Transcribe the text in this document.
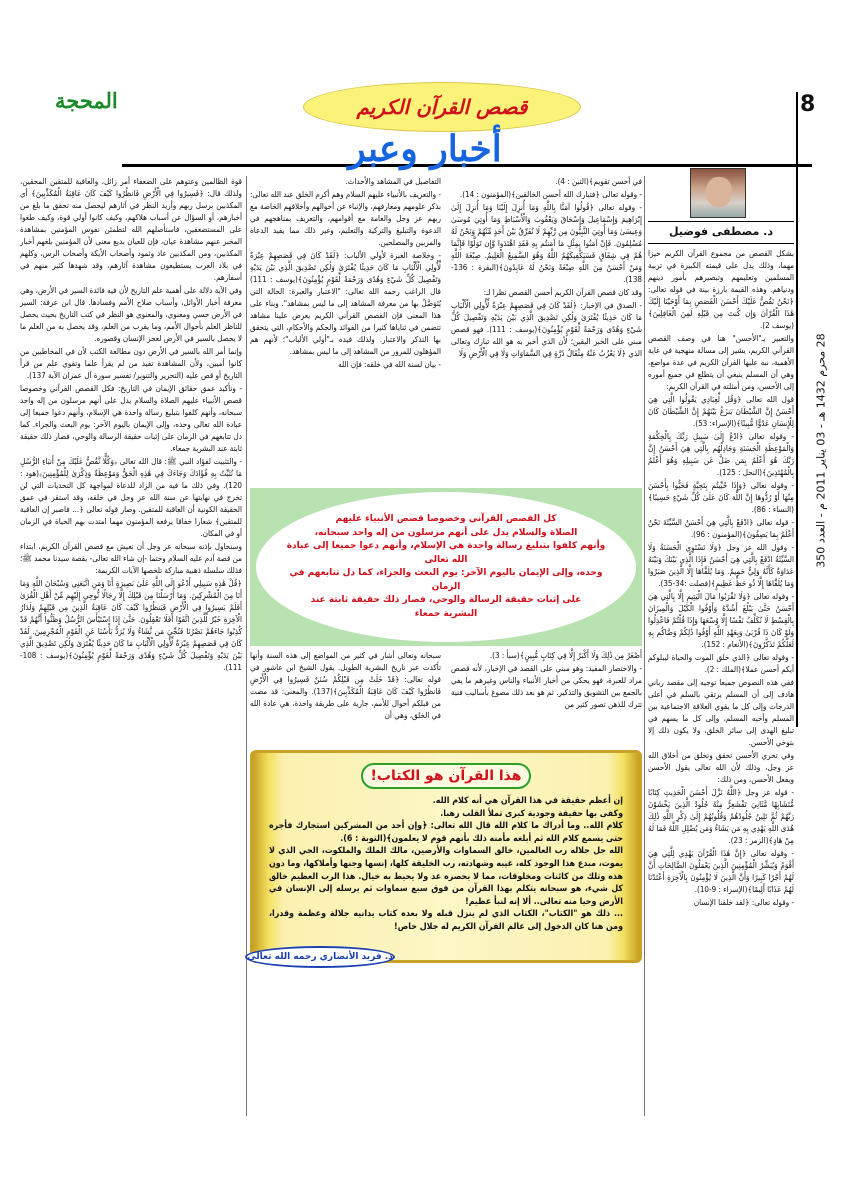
8
المحجة	قصص القرآن الكريم
أخبار وعبر
28 محرم 1432 هـ - 03 يناير 2011 م - العدد 350
د. مصطفى فوضيل

بشكل القصص من مجموع القرآن الكريم حيزا مهما، وذلك يدل على قيمته الكبيرة في تربية المسلمين وتعليمهم وتبصيرهم بأمور دينهم ودنياهم. وهذه القيمة بارزة بينة في قوله تعالى: ﴿نَحْنُ نَقُصُّ عَلَيْكَ أَحْسَنَ الْقَصَصِ بِمَا أَوْحَيْنَا إِلَيْكَ هَٰذَا الْقُرْآنَ وَإِن كُنتَ مِن قَبْلِهِ لَمِنَ الْغَافِلِينَ﴾(يوسف 2).

والتعبير بـ"الأحسن" هنا في وصف القصص القرآني الكريم، يشير إلى مسالة منهجية في غاية الأهمية، نبه عليها القرآن الكريم في عدة مواضع، وهي أن المسلم ينبغي أن يتطلع في جميع أموره إلى الأحسن، ومن أمثلته في القرآن الكريم:

قول الله تعالى ﴿وَقُل لِّعِبَادِي يَقُولُوا الَّتِي هِيَ أَحْسَنُ إِنَّ الشَّيْطَانَ يَنزَغُ بَيْنَهُمْ إِنَّ الشَّيْطَانَ كَانَ لِلْإِنسَانِ عَدُوًّا مُّبِينًا﴾(الإسراء: 53).

- وقوله تعالى ﴿ادْعُ إِلَىٰ سَبِيلِ رَبِّكَ بِالْحِكْمَةِ وَالْمَوْعِظَةِ الْحَسَنَةِ وَجَادِلْهُم بِالَّتِي هِيَ أَحْسَنُ إِنَّ رَبَّكَ هُوَ أَعْلَمُ بِمَن ضَلَّ عَن سَبِيلِهِ وَهُوَ أَعْلَمُ بِالْمُهْتَدِينَ﴾(النحل : 125).

- وقوله تعالى ﴿وَإِذَا حُيِّيتُم بِتَحِيَّةٍ فَحَيُّوا بِأَحْسَنَ مِنْهَا أَوْ رُدُّوهَا إِنَّ اللَّهَ كَانَ عَلَىٰ كُلِّ شَيْءٍ حَسِيبًا﴾(النساء : 86).

- قوله تعالى ﴿ادْفَعْ بِالَّتِي هِيَ أَحْسَنُ السَّيِّئَةَ نَحْنُ أَعْلَمُ بِمَا يَصِفُونَ﴾(المؤمنون : 96).

- وقول الله عز وجل ﴿وَلَا تَسْتَوِي الْحَسَنَةُ وَلَا السَّيِّئَةُ ادْفَعْ بِالَّتِي هِيَ أَحْسَنُ فَإِذَا الَّذِي بَيْنَكَ وَبَيْنَهُ عَدَاوَةٌ كَأَنَّهُ وَلِيٌّ حَمِيمٌ. وَمَا يُلَقَّاهَا إِلَّا الَّذِينَ صَبَرُوا وَمَا يُلَقَّاهَا إِلَّا ذُو حَظٍّ عَظِيمٍ﴾(فصلت :34-35).

- وقوله تعالى ﴿وَلَا تَقْرَبُوا مَالَ الْيَتِيمِ إِلَّا بِالَّتِي هِيَ أَحْسَنُ حَتَّىٰ يَبْلُغَ أَشُدَّهُ وَأَوْفُوا الْكَيْلَ وَالْمِيزَانَ بِالْقِسْطِ لَا نُكَلِّفُ نَفْسًا إِلَّا وُسْعَهَا وَإِذَا قُلْتُمْ فَاعْدِلُوا وَلَوْ كَانَ ذَا قُرْبَىٰ وَبِعَهْدِ اللَّهِ أَوْفُوا ذَٰلِكُمْ وَصَّاكُم بِهِ لَعَلَّكُمْ تَذَكَّرُونَ﴾(الأنعام : 152).

- وقوله تعالى ﴿الذي خلق الموت والحياة ليبلوكم أيكم أحسن عملا﴾(الملك : 2).

ففي هذه النصوص جميعا توجيه إلى مقصد رباني هادف إلى أن المسلم يرتقي بالسلم في أعلى الدرجات وإلى كل ما يقوي العلاقة الاجتماعية بين المسلم وأخيه المسلم، وإلى كل ما يسهم في تبليغ الهدى إلى سائر الخلق، ولا يكون ذلك إلا بتوخي الأحسن.

وفي تحري الأحسن تحقق وتخلق من أخلاق الله عز وجل، وذلك لأن الله تعالى يقول الأحسن ويفعل الأحسن، ومن ذلك:

- قوله عز وجل ﴿اللَّهُ نَزَّلَ أَحْسَنَ الْحَدِيثِ كِتَابًا مُّتَشَابِهًا مَّثَانِيَ تَقْشَعِرُّ مِنْهُ جُلُودُ الَّذِينَ يَخْشَوْنَ رَبَّهُمْ ثُمَّ تَلِينُ جُلُودُهُمْ وَقُلُوبُهُمْ إِلَىٰ ذِكْرِ اللَّهِ ذَٰلِكَ هُدَى اللَّهِ يَهْدِي بِهِ مَن يَشَاءُ وَمَن يُضْلِلِ اللَّهُ فَمَا لَهُ مِنْ هَادٍ﴾(الزمر : 23).

- وقوله تعالى ﴿إِنَّ هَٰذَا الْقُرْآنَ يَهْدِي لِلَّتِي هِيَ أَقْوَمُ وَيُبَشِّرُ الْمُؤْمِنِينَ الَّذِينَ يَعْمَلُونَ الصَّالِحَاتِ أَنَّ لَهُمْ أَجْرًا كَبِيرًا وَأَنَّ الَّذِينَ لَا يُؤْمِنُونَ بِالْآخِرَةِ أَعْتَدْنَا لَهُمْ عَذَابًا أَلِيمًا﴾(الإسراء : 9-10).

- وقوله تعالى: ﴿لقد خلقنا الإنسان

في أحسن تقويم﴾(التين : 4).

- وقوله تعالى ﴿فتبارك الله أحسن الخالقين﴾(المؤمنون : 14).

- وقوله تعالى ﴿قُولُوا آمَنَّا بِاللَّهِ وَمَا أُنزِلَ إِلَيْنَا وَمَا أُنزِلَ إِلَىٰ إِبْرَاهِيمَ وَإِسْمَاعِيلَ وَإِسْحَاقَ وَيَعْقُوبَ وَالْأَسْبَاطِ وَمَا أُوتِيَ مُوسَىٰ وَعِيسَىٰ وَمَا أُوتِيَ النَّبِيُّونَ مِن رَّبِّهِمْ لَا نُفَرِّقُ بَيْنَ أَحَدٍ مِّنْهُمْ وَنَحْنُ لَهُ مُسْلِمُونَ. فَإِنْ آمَنُوا بِمِثْلِ مَا آمَنتُم بِهِ فَقَدِ اهْتَدَوا وَّإِن تَوَلَّوْا فَإِنَّمَا هُمْ فِي شِقَاقٍ فَسَيَكْفِيكَهُمُ اللَّهُ وَهُوَ السَّمِيعُ الْعَلِيمُ. صِبْغَةَ اللَّهِ وَمَنْ أَحْسَنُ مِنَ اللَّهِ صِبْغَةً وَنَحْنُ لَهُ عَابِدُونَ﴾(البقرة : 136-138).

وقد كان قصص القرآن الكريم أحسن القصص نظرا لـ:

- الصدق في الإخبار: ﴿لَقَدْ كَانَ فِي قَصَصِهِمْ عِبْرَةٌ لِّأُولِي الْأَلْبَابِ مَا كَانَ حَدِيثًا يُفْتَرَىٰ وَلَٰكِن تَصْدِيقَ الَّذِي بَيْنَ يَدَيْهِ وَتَفْصِيلَ كُلِّ شَيْءٍ وَهُدًى وَرَحْمَةً لِّقَوْمٍ يُؤْمِنُونَ﴾(يوسف : 111). فهو قصص مبني على الخبر اليقين؛ لأن الذي أخبر به هو الله تبارك وتعالى الذي ﴿لَا يَعْزُبُ عَنْهُ مِثْقَالُ ذَرَّةٍ فِي السَّمَاوَاتِ وَلَا فِي الْأَرْضِ وَلَا

التفاصيل في المشاهد والأحداث.

- والتعريف بالأنبياء عليهم السلام وهم أكرم الخلق عند الله تعالى: بذكر علومهم ومعارفهم، والإنباء عن أحوالهم وأخلاقهم الخاصة مع ربهم عز وجل والعامة مع أقوامهم، والتعريف بمناهجهم في الدعوة والتبليغ والتزكية والتعليم، وغير ذلك مما يفيد الدعاة والمربين والمصلحين.

- وخلاصة العبرة لأولي الألباب: ﴿لَقَدْ كَانَ فِي قَصَصِهِمْ عِبْرَةٌ لِّأُولِي الْأَلْبَابِ مَا كَانَ حَدِيثًا يُفْتَرَىٰ وَلَٰكِن تَصْدِيقَ الَّذِي بَيْنَ يَدَيْهِ وَتَفْصِيلَ كُلِّ شَيْءٍ وَهُدًى وَرَحْمَةً لِّقَوْمٍ يُؤْمِنُونَ﴾(يوسف : 111) قال الراغب رحمه الله تعالى: "الاعتبار والعبرة: الحالة التي يُتَوَصَّلُ بها من معرفة المشاهد إلى ما ليس بمشاهد". وبناء على هذا المعنى فإن القصص القرآني الكريم يعرض علينا مشاهد تتضمن في ثناياها كثيرا من الفوائد والحكم والأحكام، التي يتحقق بها التذكر والاعتبار. ولذلك قيده بـ"أولي الألباب"؛ لأنهم هم المؤهلون للمرور من المشاهد إلى ما ليس بمشاهد.

- بيان لسنة الله في خلقه: فإن الله

كل القصص القرآني وخصوصا قصص الأنبياء عليهم

الصلاة والسلام يدل على أنهم مرسلون من إله واحد سبحانه،

وأنهم كلفوا بتبليغ رسالة واحدة هي الإسلام، وأنهم دعوا جميعا إلى عبادة الله تعالى

وحده، وإلى الإيمان باليوم الآخر: يوم البعث والجزاء، كما دل تتابعهم في الزمان

على إثبات حقيقة الرسالة والوحي، فصار ذلك حقيقة ثابتة عند

البشرية جمعاء

أَصْغَرُ مِن ذَٰلِكَ وَلَا أَكْبَرُ إِلَّا فِي كِتَابٍ مُّبِينٍ﴾(سبأ : 3).

- والاختصار المفيد: وهو مبني على القصد في الإخبار، لأنه قصص مراد للعبرة، فهو يحكي من أخبار الأنبياء والناس وغيرهم ما يفي بالجمع بين التشويق والتذكير. ثم هو بعد ذلك مصوغ بأساليب فنية تترك للذهن تصور كثير من

سبحانه وتعالى أشار في كثير من المواضع إلى هذه السنة وأنها تأكدت عبر تاريخ البشرية الطويل. يقول الشيخ ابن عاشور في قوله تعالى: ﴿قَدْ خَلَتْ مِن قَبْلِكُمْ سُنَنٌ فَسِيرُوا فِي الْأَرْضِ فَانظُرُوا كَيْفَ كَانَ عَاقِبَةُ الْمُكَذِّبِينَ﴾(137). والمعنى: قد مضت من قبلكم أحوال للأمم، جارية على طريقة واحدة، هي عادة الله في الخلق، وهي أن

هذا القرآن هو الكتاب!

إن أعظم حقيقة في هذا القرآن هي أنه كلام الله.

وكفى بها حقيقة وجودية كبرى تملأ القلب رهبا.

كلام الله.. وما أدراك ما كلام الله قال الله تعالى: ﴿وإن أحد من المشركين استجارك فأجره حتى يسمع كلام الله ثم أبلغه مأمنه ذلك بأنهم قوم لا يعلمون﴾(التوبة : 6).

الله جل جلاله رب العالمين، خالق السماوات والأرضين، مالك الملك والملكوت، الحي الذي لا يموت، مبدع هذا الوجود كله، غيبه وشهادته، رب الخليقة كلها، إنسها وجنها وأملاكها، وما دون هذه وتلك من كائنات ومخلوقات، مما لا يحصره عد ولا يحيط به خيال. هذا الرب العظيم خالق كل شيء، هو سبحانه يتكلم بهذا القرآن من فوق سبع سماوات ثم يرسله إلى الإنسان في الأرض وحيا منه تعالى.. ألا إنه لنبأ عظيم!

... ذلك هو "الكتاب"، الكتاب الذي لم ينزل قبله ولا بعده كتاب يدانيه جلالة وعظمة وقدرا، ومن هنا كان الدخول إلى عالم القرآن الكريم له جلال خاص!

د. فريد الأنصاري رحمه الله تعالى

قوة الظالمين وعتوهم على الضعفاء أمر زائل، والعاقبة للمتقين المحقين، ولذلك قال: ﴿فَسِيرُوا فِي الْأَرْضِ فَانظُرُوا كَيْفَ كَانَ عَاقِبَةُ الْمُكَذِّبِينَ﴾ أي المكذبين برسل ربهم وأريد النظر في آثارهم ليحصل منه تحقق ما بلغ من أخبارهم، أو السؤال عن أسباب هلاكهم، وكيف كانوا أولي قوة، وكيف طغوا على المستضعفين، فاستأصلهم الله لتطمئن نفوس المؤمنين بمشاهدة المخبر عنهم مشاهدة عيان، فإن للعيان بديع معنى لأن المؤمنين بلغهم أخبار المكذبين، ومن المكذبين عاد وثمود وأصحاب الأيكة وأصحاب الرس، وكلهم في بلاد العرب يستطيعون مشاهدة آثارهم، وقد شهدها كثير منهم في أسفارهم.

وفي الآية دلالة على أهمية علم التاريخ لأن فيه فائدة السير في الأرض، وهي معرفة أخبار الأوائل، وأسباب صلاح الأمم وفسادها. قال ابن عرفة: السير في الأرض حسي ومعنوي، والمعنوي هو النظر في كتب التاريخ بحيث يحصل للناظر العلم بأحوال الأمم، وما يقرب من العلم، وقد يحصل به من العلم ما لا يحصل بالسير في الأرض لعجز الإنسان وقصوره.

وإنما أمر الله بالسير في الأرض دون مطالعة الكتب لأن في المخاطبين من كانوا أميين، ولأن المشاهدة تفيد من لم يقرأ علما وتقوي علم من قرأ التاريخ أو قص عليه (التحرير والتنوير/ تفسير سورة آل عمران الآية 137).

- وتأكيد عمق حقائق الإيمان في التاريخ: فكل القصص القرآني وخصوصا قصص الأنبياء عليهم الصلاة والسلام يدل على أنهم مرسلون من إله واحد سبحانه، وأنهم كلفوا بتبليغ رسالة واحدة هي الإسلام، وأنهم دعوا جميعا إلى عبادة الله تعالى وحده، وإلى الإيمان باليوم الآخر: يوم البعث والجزاء. كما دل تتابعهم في الزمان على إثبات حقيقة الرسالة والوحي، فصار ذلك حقيقة ثابتة عند البشرية جمعاء.

- والتثبيت لفؤاد النبي ﷺ: قال الله تعالى ﴿وَكُلًّا نَّقُصُّ عَلَيْكَ مِنْ أَنبَاءِ الرُّسُلِ مَا نُثَبِّتُ بِهِ فُؤَادَكَ وَجَاءَكَ فِي هَٰذِهِ الْحَقُّ وَمَوْعِظَةٌ وَذِكْرَىٰ لِلْمُؤْمِنِينَ﴾(هود : 120). وفي ذلك ما فيه من الزاد للدعاة لمواجهة كل التحديات التي لن تخرج في نهايتها عن سنة الله عز وجل في خلقه، وقد استقر في عمق الحقيقة الكونية أن العاقبة للمتقين. وصار قوله تعالى ﴿... فاصبر إن العاقبة للمتقين﴾ شعارا خفاقا يرفعه المؤمنون مهما امتدت بهم الحياة في الزمان أو في المكان.

وسنحاول بإذنه سبحانه عز وجل أن نعيش مع قصص القرآن الكريم، ابتداء من قصة آدم عليه السلام وختما -إن شاء الله تعالى- بقصة سيدنا محمد ﷺ؛ فذلك سلسلة ذهبية مباركة تلخصها الآيات الكريمة:

﴿قُلْ هَٰذِهِ سَبِيلِي أَدْعُو إِلَى اللَّهِ عَلَىٰ بَصِيرَةٍ أَنَا وَمَنِ اتَّبَعَنِي وَسُبْحَانَ اللَّهِ وَمَا أَنَا مِنَ الْمُشْرِكِينَ. وَمَا أَرْسَلْنَا مِن قَبْلِكَ إِلَّا رِجَالًا نُّوحِي إِلَيْهِم مِّنْ أَهْلِ الْقُرَىٰ أَفَلَمْ يَسِيرُوا فِي الْأَرْضِ فَيَنظُرُوا كَيْفَ كَانَ عَاقِبَةُ الَّذِينَ مِن قَبْلِهِمْ وَلَدَارُ الْآخِرَةِ خَيْرٌ لِّلَّذِينَ اتَّقَوْا أَفَلَا تَعْقِلُونَ. حَتَّىٰ إِذَا اسْتَيْأَسَ الرُّسُلُ وَظَنُّوا أَنَّهُمْ قَدْ كُذِبُوا جَاءَهُمْ نَصْرُنَا فَنُجِّيَ مَن نَّشَاءُ وَلَا يُرَدُّ بَأْسُنَا عَنِ الْقَوْمِ الْمُجْرِمِينَ. لَقَدْ كَانَ فِي قَصَصِهِمْ عِبْرَةٌ لِّأُولِي الْأَلْبَابِ مَا كَانَ حَدِيثًا يُفْتَرَىٰ وَلَٰكِن تَصْدِيقَ الَّذِي بَيْنَ يَدَيْهِ وَتَفْصِيلَ كُلِّ شَيْءٍ وَهُدًى وَرَحْمَةً لِّقَوْمٍ يُؤْمِنُونَ﴾(يوسف : 108-111).
